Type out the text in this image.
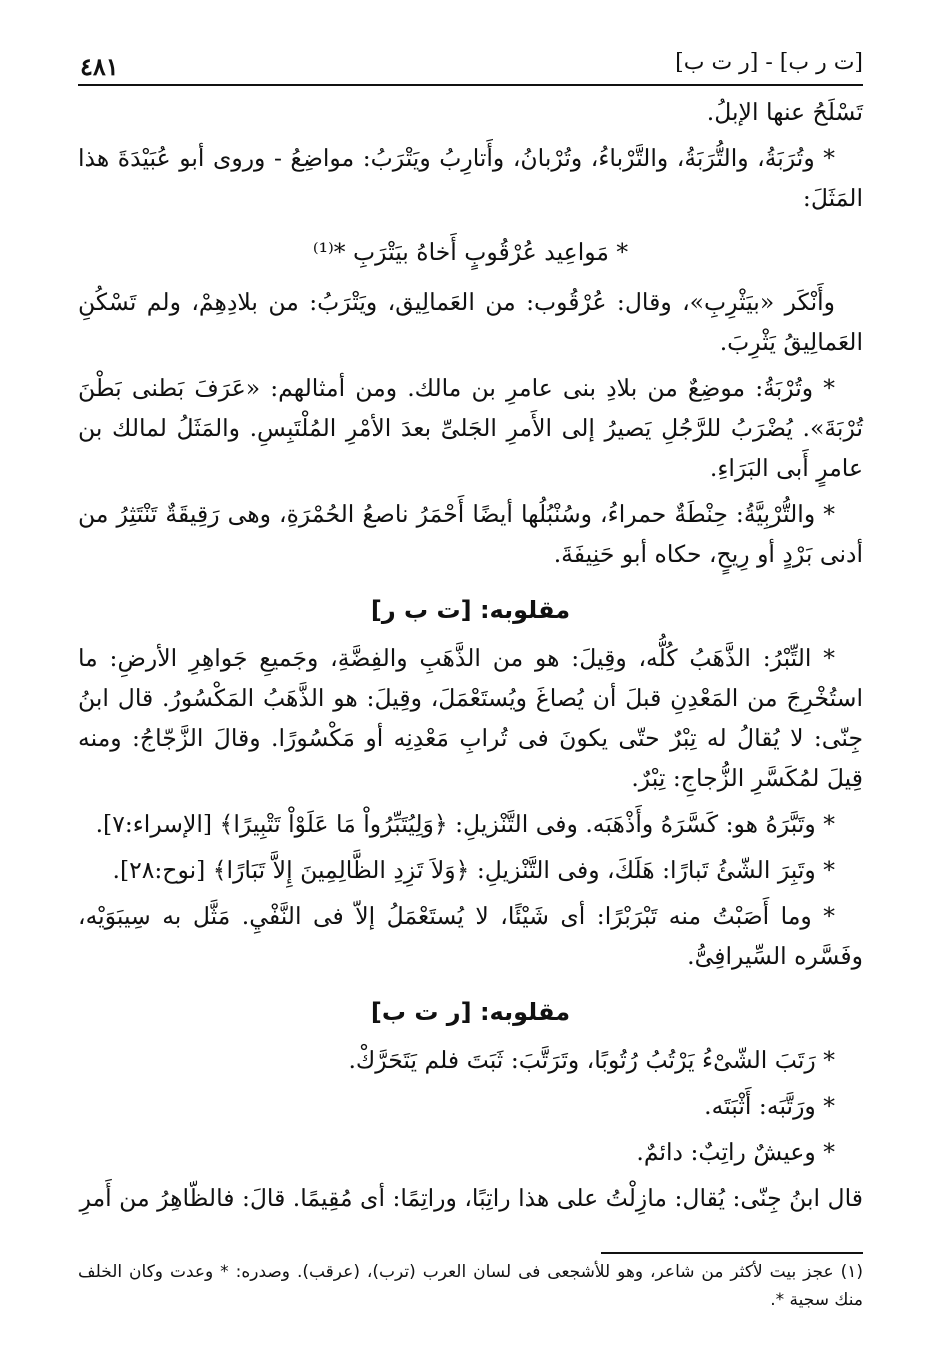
٤٨١	[ت ر ب] - [ر ت ب]

تَسْلَحُ عنها الإبلُ.

* وتُرَبَةُ، والتُّرَبَةُ، والتَّرْباءُ، وتُرْبانُ، وأَتارِبُ ويَتْرَبُ: مواضِعُ - وروى أبو عُبَيْدَةَ هذا المَثَلَ:

* مَواعِيد عُرْقُوبٍ أَخاهُ بيَتْرَبِ *⁽¹⁾

وأَنْكَر «بيَثْرِبِ»، وقال: عُرْقُوب: من العَمالِيق، ويَتْرَبُ: من بلادِهِمْ، ولم تَسْكُنِ العَمالِيقُ يَثْرِبَ.

* وتُرْبَةُ: موضِعٌ من بلادِ بنى عامرِ بن مالك. ومن أمثالهم: «عَرَفَ بَطنى بَطْنَ تُرْبَةَ». يُضْرَبُ للرَّجُلِ يَصيرُ إلى الأَمرِ الجَلىِّ بعدَ الأمْرِ المُلْتَبِسِ. والمَثَلُ لمالك بن عامرٍ أَبى البَرَاءِ.

* والتُّرْبِيَّةُ: حِنْطَةٌ حمراءُ، وسُنْبُلُها أيضًا أَحْمَرُ ناصعُ الحُمْرَةِ، وهى رَقِيقَةٌ تَنْتَثِرُ من أدنى بَرْدٍ أو رِيحٍ، حكاه أبو حَنِيفَةَ.

مقلوبه: [ت ب ر]

* التِّبْرُ: الذَّهَبُ كُلُّه، وقِيلَ: هو من الذَّهَبِ والفِضَّةِ، وجَميعِ جَواهِرِ الأرضِ: ما استُخْرِجَ من المَعْدِنِ قبلَ أن يُصاغَ ويُستَعْمَلَ، وقِيلَ: هو الذَّهَبُ المَكْسُورُ. قال ابنُ جِنّى: لا يُقالُ له تِبْرٌ حتّى يكونَ فى تُرابِ مَعْدِنِه أو مَكْسُورًا. وقالَ الزَّجّاجُ: ومنه قِيلَ لمُكَسَّرِ الزُّجاجِ: تِبْرٌ.

* وتَبَّرَهُ هو: كَسَّرَهُ وأَذْهَبَه. وفى التَّنْزيلِ: ﴿وَلِيُتَبِّرُواْ مَا عَلَوْاْ تَتْبِيرًا﴾ [الإسراء:٧].

* وتَبِرَ الشّئُ تَبارًا: هَلَكَ، وفى التَّنْزيلِ: ﴿وَلاَ تَزِدِ الظَّالِمِينَ إِلاَّ تَبَارًا﴾ [نوح:٢٨].

* وما أَصَبْتُ منه تَبْرَبْرًا: أى شَيْئًا، لا يُستَعْمَلُ إلاّ فى النَّفْيِ. مَثَّل به سِيبَوَيْه، وفَسَّره السِّيرافِىُّ.

مقلوبه: [ر ت ب]

* رَتَبَ الشّىْءُ يَرْتُبُ رُتُوبًا، وتَرَتَّبَ: ثَبَتَ فلم يَتَحَرَّكْ.

* ورَتَّبَه: أَثْبَتَه.

* وعيشٌ راتِبٌ: دائمٌ.

قال ابنُ جِنّى: يُقال: مازِلْتُ على هذا راتِبًا، وراتِمًا: أى مُقِيمًا. قالَ: فالظّاهِرُ من أَمرِ

(١) عجز بيت لأكثر من شاعر، وهو للأشجعى فى لسان العرب (ترب)، (عرقب). وصدره: * وعدت وكان الخلف منك سجية *.
